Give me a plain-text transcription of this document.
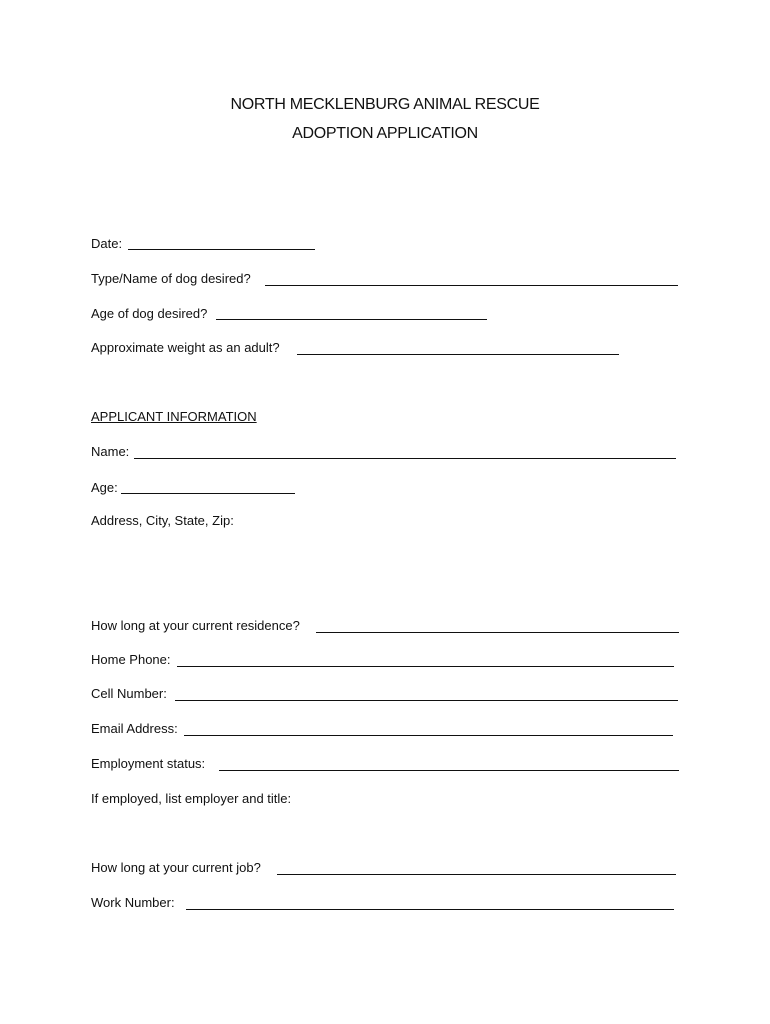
NORTH MECKLENBURG ANIMAL RESCUE
ADOPTION APPLICATION
Date:
Type/Name of dog desired?
Age of dog desired?
Approximate weight as an adult?
APPLICANT INFORMATION
Name:
Age:
Address, City, State, Zip:
How long at your current residence?
Home Phone:
Cell Number:
Email Address:
Employment status:
If employed, list employer and title:
How long at your current job?
Work Number:
